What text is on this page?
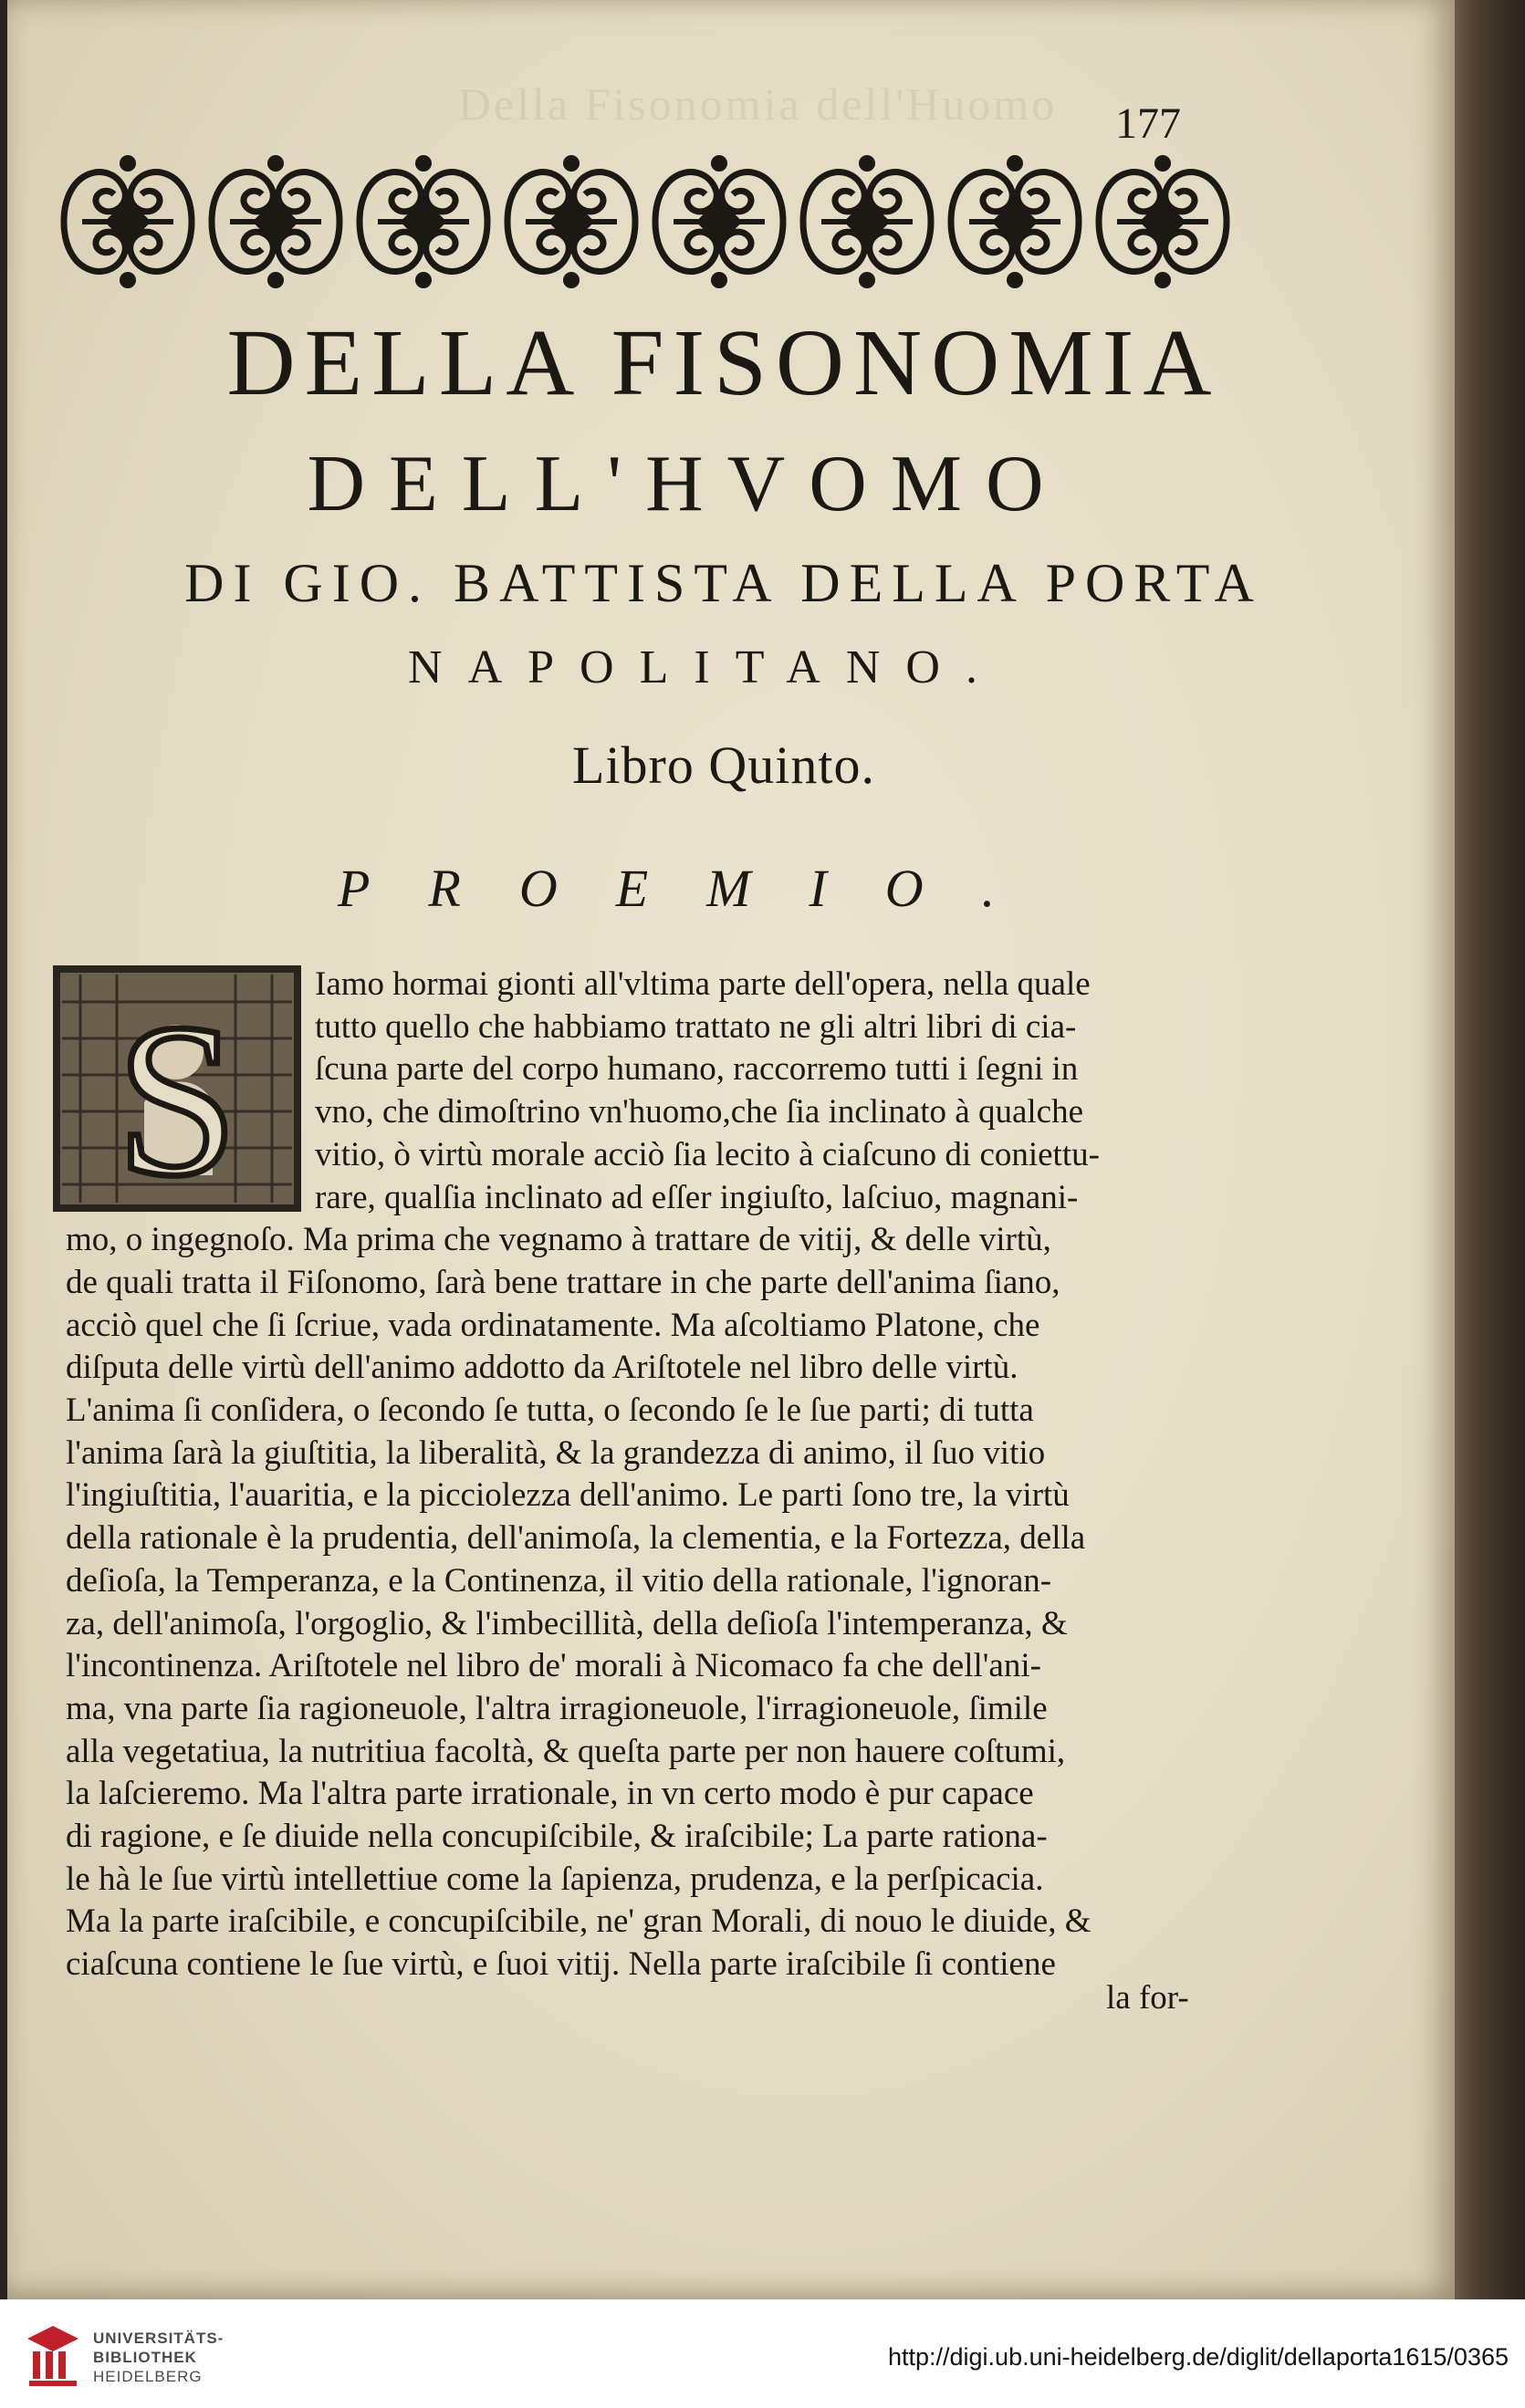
Della Fisonomia dell'Huomo	177
DELLA FISONOMIA
DELL'HVOMO
DI GIO. BATTISTA DELLA PORTA
NAPOLITANO.
Libro Quinto.
PROEMIO.
S Iamo hormai gionti all'vltima parte dell'opera, nella quale
tutto quello che habbiamo trattato ne gli altri libri di cia-
ſcuna parte del corpo humano, raccorremo tutti i ſegni in
vno, che dimoſtrino vn'huomo,che ſia inclinato à qualche
vitio, ò virtù morale acciò ſia lecito à ciaſcuno di coniettu-
rare, qualſia inclinato ad eſſer ingiuſto, laſciuo, magnani-
mo, o ingegnoſo. Ma prima che vegnamo à trattare de vitij, & delle virtù,
de quali tratta il Fiſonomo, ſarà bene trattare in che parte dell'anima ſiano,
acciò quel che ſi ſcriue, vada ordinatamente. Ma aſcoltiamo Platone, che
diſputa delle virtù dell'animo addotto da Ariſtotele nel libro delle virtù.
L'anima ſi conſidera, o ſecondo ſe tutta, o ſecondo ſe le ſue parti; di tutta
l'anima ſarà la giuſtitia, la liberalità, & la grandezza di animo, il ſuo vitio
l'ingiuſtitia, l'auaritia, e la picciolezza dell'animo. Le parti ſono tre, la virtù
della rationale è la prudentia, dell'animoſa, la clementia, e la Fortezza, della
deſioſa, la Temperanza, e la Continenza, il vitio della rationale, l'ignoran-
za, dell'animoſa, l'orgoglio, & l'imbecillità, della deſioſa l'intemperanza, &
l'incontinenza. Ariſtotele nel libro de' morali à Nicomaco fa che dell'ani-
ma, vna parte ſia ragioneuole, l'altra irragioneuole, l'irragioneuole, ſimile
alla vegetatiua, la nutritiua facoltà, & queſta parte per non hauere coſtumi,
la laſcieremo. Ma l'altra parte irrationale, in vn certo modo è pur capace
di ragione, e ſe diuide nella concupiſcibile, & iraſcibile; La parte rationa-
le hà le ſue virtù intellettiue come la ſapienza, prudenza, e la perſpicacia.
Ma la parte iraſcibile, e concupiſcibile, ne' gran Morali, di nouo le diuide, &
ciaſcuna contiene le ſue virtù, e ſuoi vitij. Nella parte iraſcibile ſi contiene
la for-
UNIVERSITÄTS-
BIBLIOTHEK
HEIDELBERG
http://digi.ub.uni-heidelberg.de/diglit/dellaporta1615/0365
